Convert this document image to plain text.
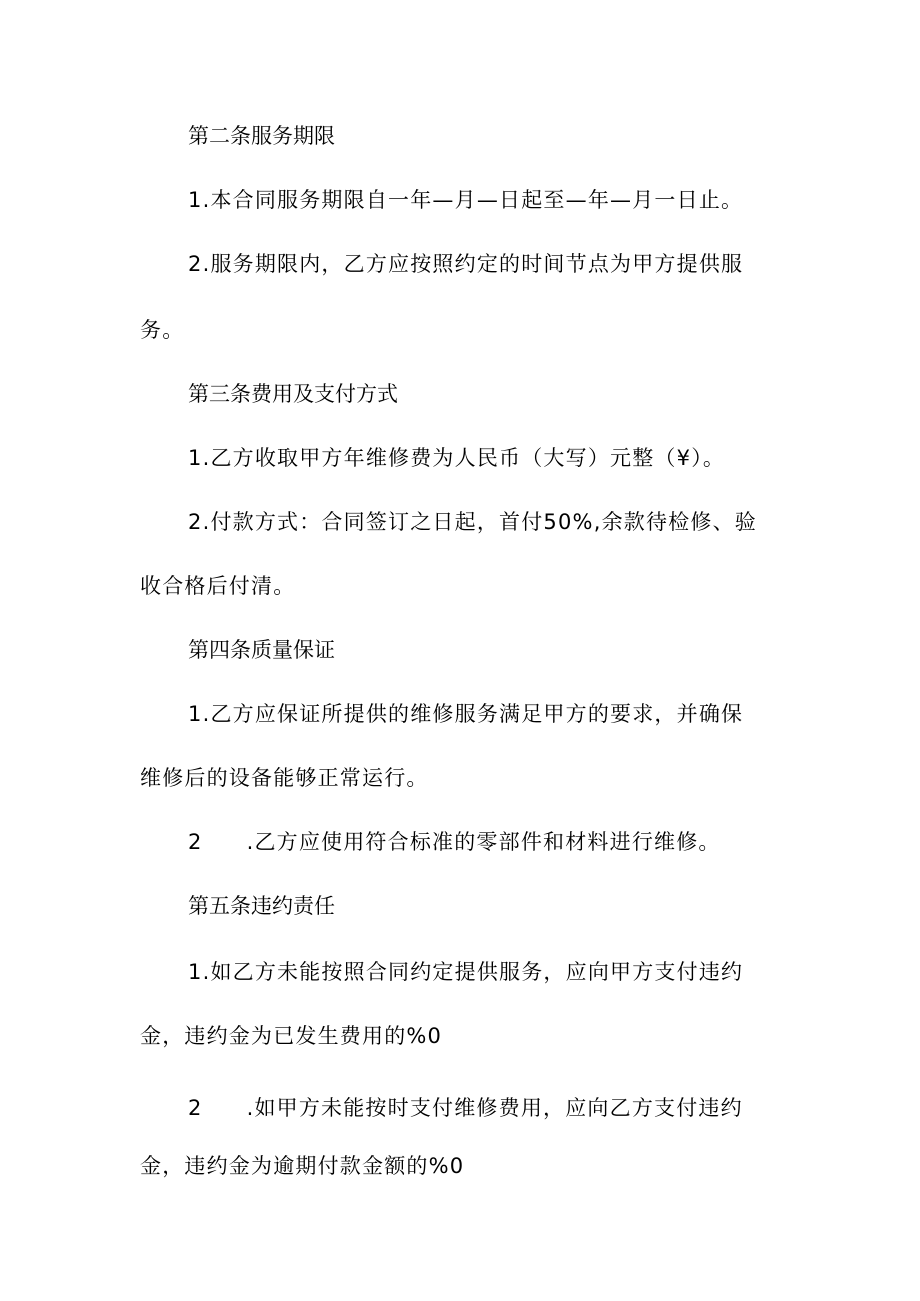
第二条服务期限
1.本合同服务期限自一年—月—日起至—年—月一日止。
2.服务期限内，乙方应按照约定的时间节点为甲方提供服
务。
第三条费用及支付方式
1.乙方收取甲方年维修费为人民币（大写）元整（¥）。
2.付款方式：合同签订之日起，首付50%,余款待检修、验
收合格后付清。
第四条质量保证
1.乙方应保证所提供的维修服务满足甲方的要求，并确保
维修后的设备能够正常运行。
2 .乙方应使用符合标准的零部件和材料进行维修。
第五条违约责任
1.如乙方未能按照合同约定提供服务，应向甲方支付违约
金，违约金为已发生费用的%0
2 .如甲方未能按时支付维修费用，应向乙方支付违约
金，违约金为逾期付款金额的%0
